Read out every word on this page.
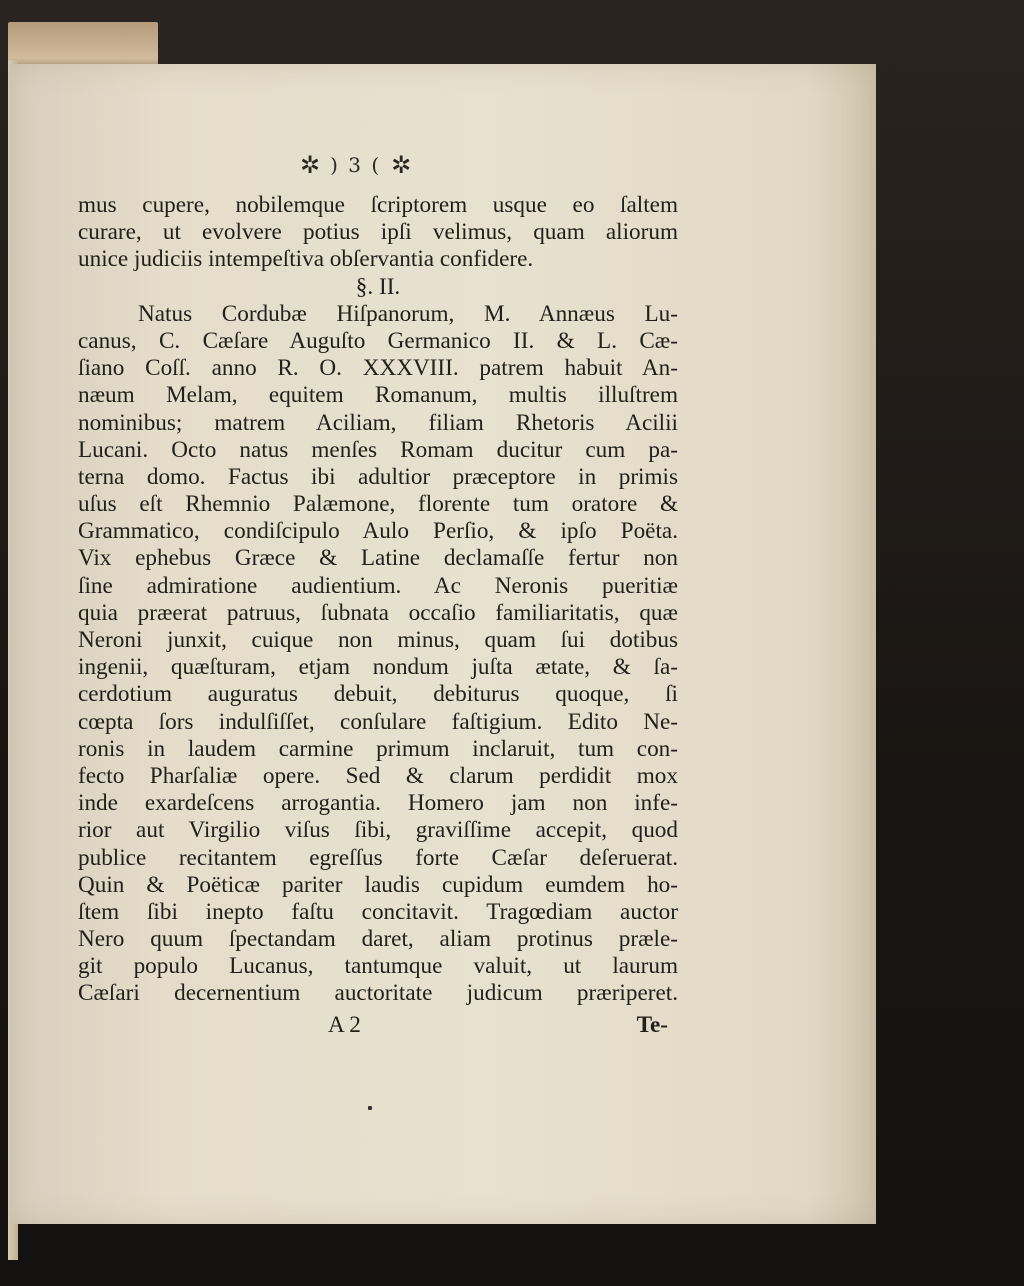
✲ ) 3 ( ✲
mus cupere, nobilemque ſcriptorem usque eo ſaltem
curare, ut evolvere potius ipſi velimus, quam aliorum
unice judiciis intempeſtiva obſervantia confidere.
§. II.
Natus Cordubæ Hiſpanorum, M. Annæus Lu-
canus, C. Cæſare Auguſto Germanico II. & L. Cæ-
ſiano Coſſ. anno R. O. XXXVIII. patrem habuit An-
næum Melam, equitem Romanum, multis illuſtrem
nominibus; matrem Aciliam, filiam Rhetoris Acilii
Lucani. Octo natus menſes Romam ducitur cum pa-
terna domo. Factus ibi adultior præceptore in primis
uſus eſt Rhemnio Palæmone, florente tum oratore &
Grammatico, condiſcipulo Aulo Perſio, & ipſo Poëta.
Vix ephebus Græce & Latine declamaſſe fertur non
ſine admiratione audientium. Ac Neronis pueritiæ
quia præerat patruus, ſubnata occaſio familiaritatis, quæ
Neroni junxit, cuique non minus, quam ſui dotibus
ingenii, quæſturam, etjam nondum juſta ætate, & ſa-
cerdotium auguratus debuit, debiturus quoque, ſi
cœpta ſors indulſiſſet, conſulare faſtigium. Edito Ne-
ronis in laudem carmine primum inclaruit, tum con-
fecto Pharſaliæ opere. Sed & clarum perdidit mox
inde exardeſcens arrogantia. Homero jam non infe-
rior aut Virgilio viſus ſibi, graviſſime accepit, quod
publice recitantem egreſſus forte Cæſar deſeruerat.
Quin & Poëticæ pariter laudis cupidum eumdem ho-
ſtem ſibi inepto faſtu concitavit. Tragœdiam auctor
Nero quum ſpectandam daret, aliam protinus præle-
git populo Lucanus, tantumque valuit, ut laurum
Cæſari decernentium auctoritate judicum præriperet.
A 2	Te-
